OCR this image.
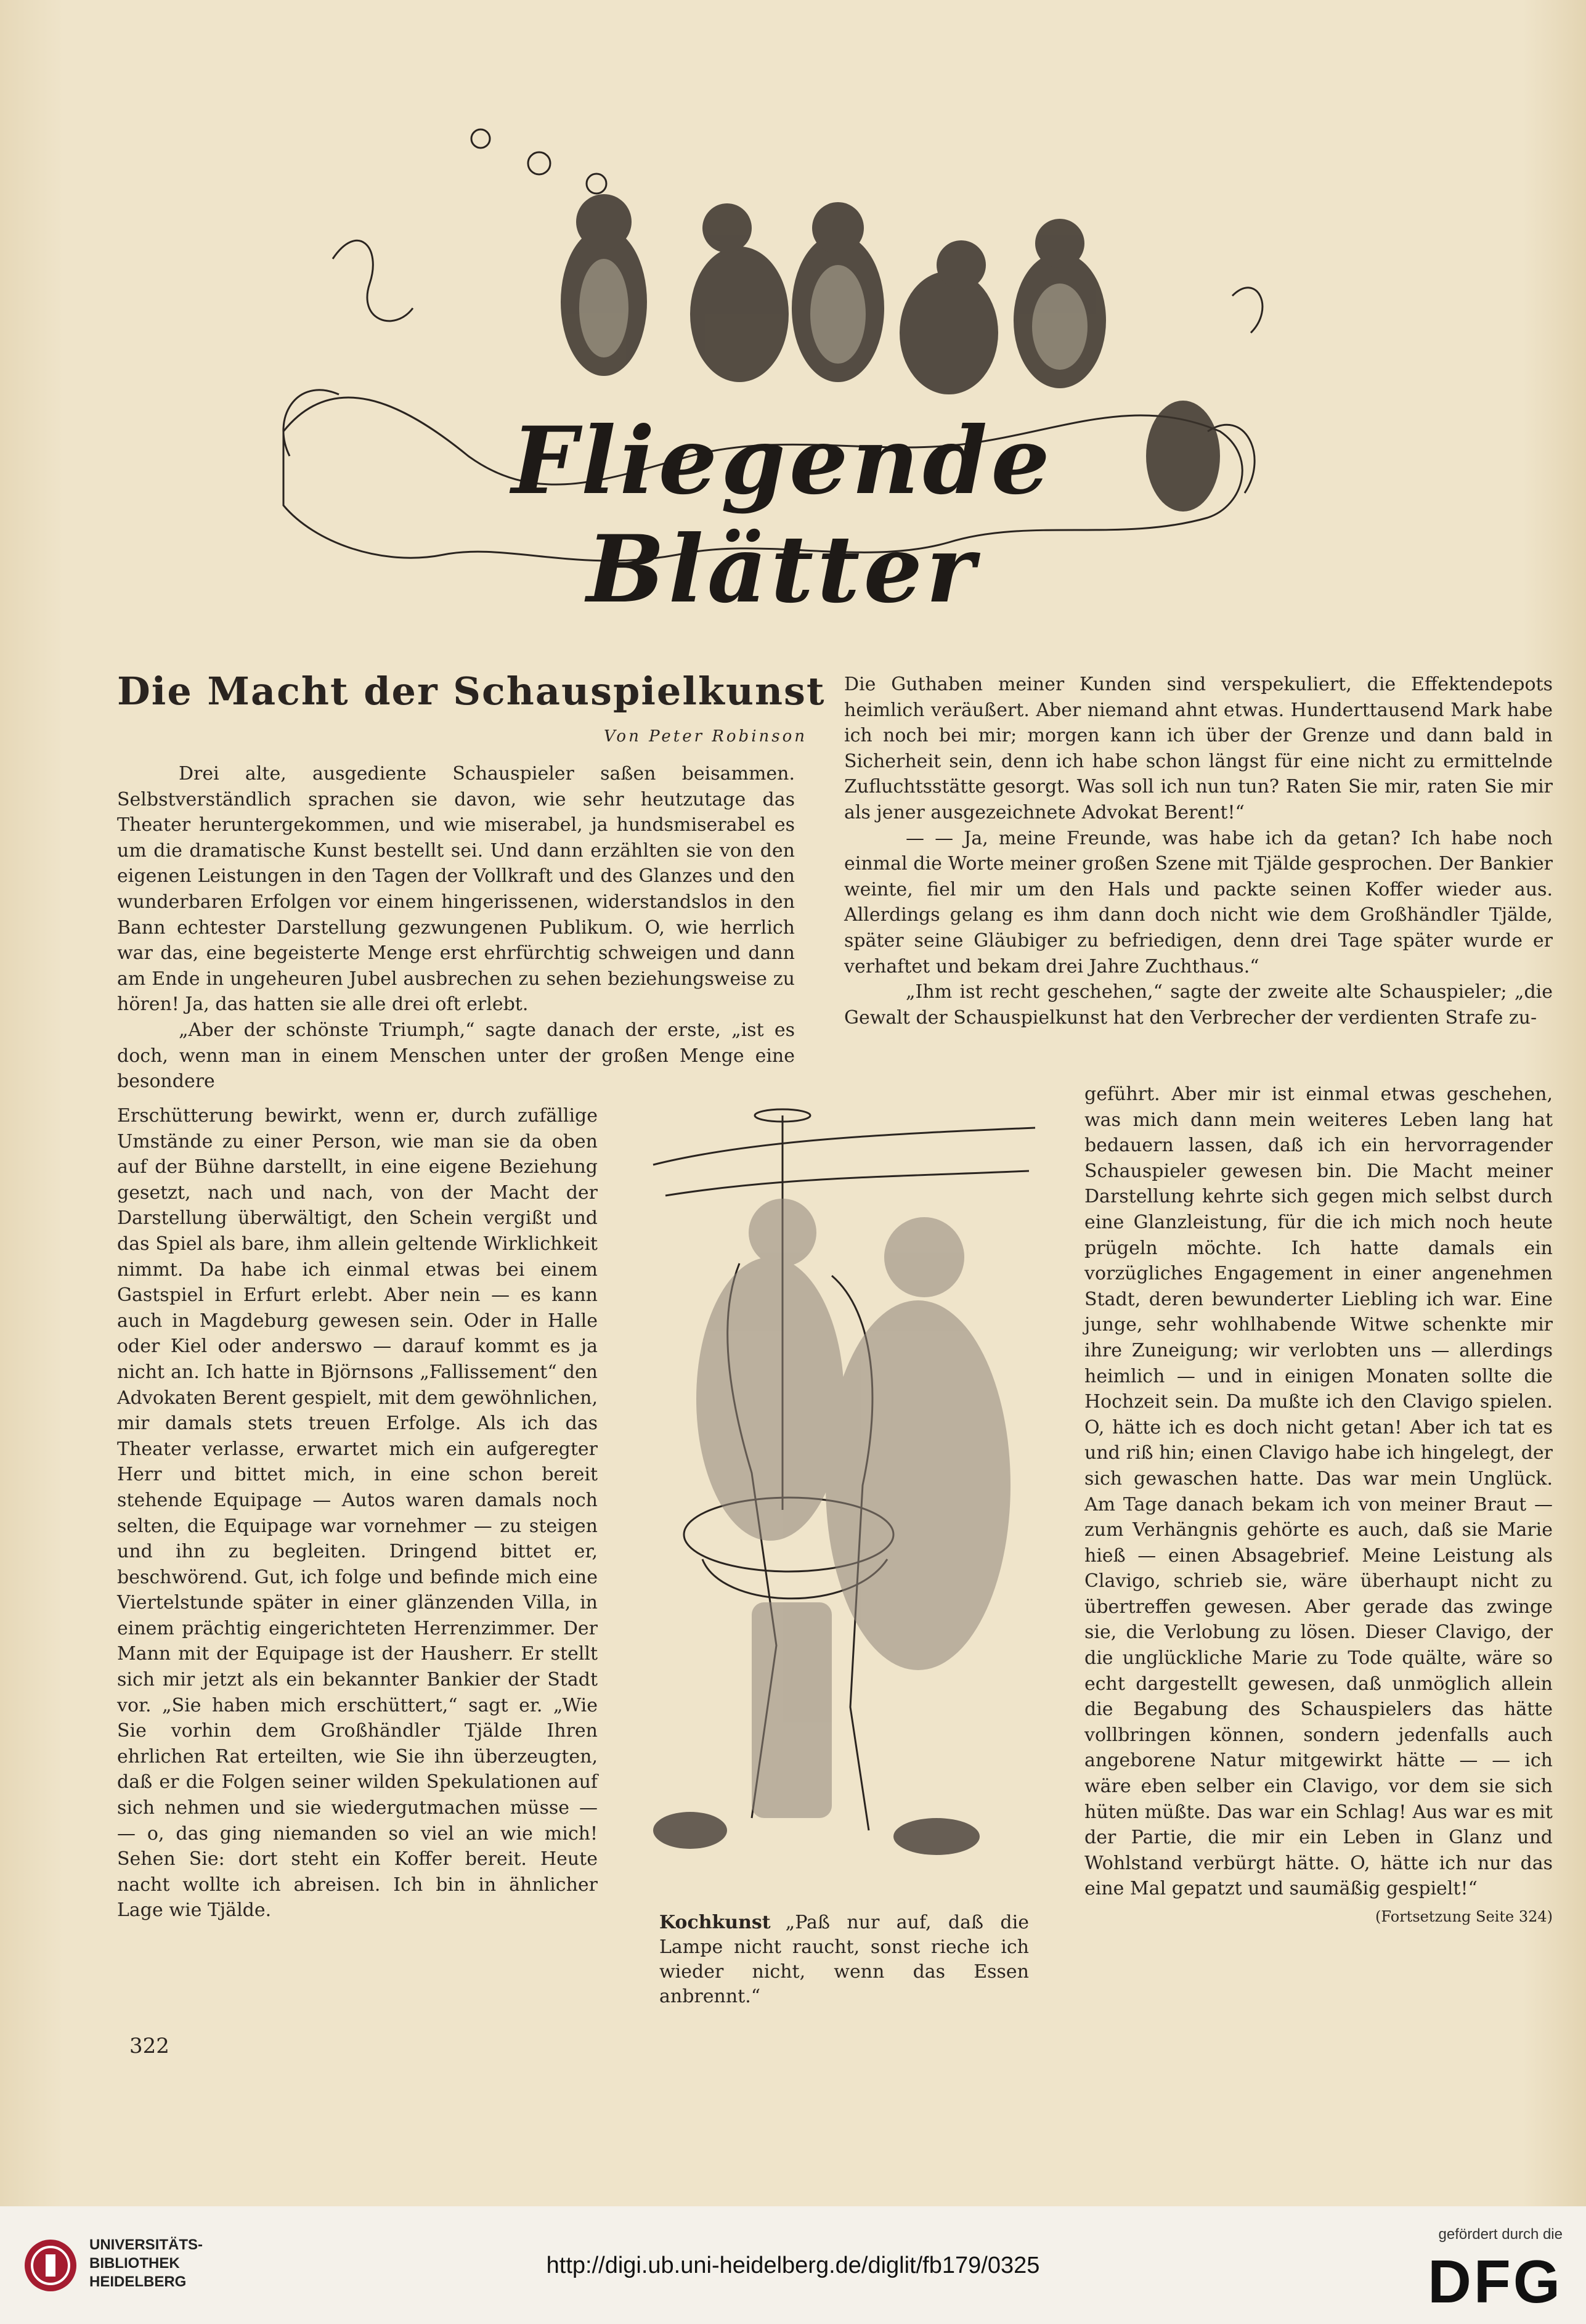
Fliegende Blätter
Die Macht der Schauspielkunst
Von Peter Robinson

Drei alte, ausgediente Schauspieler saßen beisammen. Selbstverständlich sprachen sie davon, wie sehr heutzutage das Theater heruntergekommen, und wie miserabel, ja hundsmiserabel es um die dramatische Kunst bestellt sei. Und dann erzählten sie von den eigenen Leistungen in den Tagen der Vollkraft und des Glanzes und den wunderbaren Erfolgen vor einem hingerissenen, widerstandslos in den Bann echtester Darstellung gezwungenen Publikum. O, wie herrlich war das, eine begeisterte Menge erst ehrfürchtig schweigen und dann am Ende in ungeheuren Jubel ausbrechen zu sehen beziehungsweise zu hören! Ja, das hatten sie alle drei oft erlebt.

„Aber der schönste Triumph,“ sagte danach der erste, „ist es doch, wenn man in einem Menschen unter der großen Menge eine besondere

Erschütterung bewirkt, wenn er, durch zufällige Umstände zu einer Person, wie man sie da oben auf der Bühne darstellt, in eine eigene Beziehung gesetzt, nach und nach, von der Macht der Darstellung überwältigt, den Schein vergißt und das Spiel als bare, ihm allein geltende Wirklichkeit nimmt. Da habe ich einmal etwas bei einem Gastspiel in Erfurt erlebt. Aber nein — es kann auch in Magdeburg gewesen sein. Oder in Halle oder Kiel oder anderswo — darauf kommt es ja nicht an. Ich hatte in Björnsons „Fallissement“ den Advokaten Berent gespielt, mit dem gewöhnlichen, mir damals stets treuen Erfolge. Als ich das Theater verlasse, erwartet mich ein aufgeregter Herr und bittet mich, in eine schon bereit stehende Equipage — Autos waren damals noch selten, die Equipage war vornehmer — zu steigen und ihn zu begleiten. Dringend bittet er, beschwörend. Gut, ich folge und befinde mich eine Viertelstunde später in einer glänzenden Villa, in einem prächtig eingerichteten Herrenzimmer. Der Mann mit der Equipage ist der Hausherr. Er stellt sich mir jetzt als ein bekannter Bankier der Stadt vor. „Sie haben mich erschüttert,“ sagt er. „Wie Sie vorhin dem Großhändler Tjälde Ihren ehrlichen Rat erteilten, wie Sie ihn überzeugten, daß er die Folgen seiner wilden Spekulationen auf sich nehmen und sie wiedergutmachen müsse — — o, das ging niemanden so viel an wie mich! Sehen Sie: dort steht ein Koffer bereit. Heute nacht wollte ich abreisen. Ich bin in ähnlicher Lage wie Tjälde.

Die Guthaben meiner Kunden sind verspekuliert, die Effektendepots heimlich veräußert. Aber niemand ahnt etwas. Hunderttausend Mark habe ich noch bei mir; morgen kann ich über der Grenze und dann bald in Sicherheit sein, denn ich habe schon längst für eine nicht zu ermittelnde Zufluchtsstätte gesorgt. Was soll ich nun tun? Raten Sie mir, raten Sie mir als jener ausgezeichnete Advokat Berent!“

— — Ja, meine Freunde, was habe ich da getan? Ich habe noch einmal die Worte meiner großen Szene mit Tjälde gesprochen. Der Bankier weinte, fiel mir um den Hals und packte seinen Koffer wieder aus. Allerdings gelang es ihm dann doch nicht wie dem Großhändler Tjälde, später seine Gläubiger zu befriedigen, denn drei Tage später wurde er verhaftet und bekam drei Jahre Zuchthaus.“

„Ihm ist recht geschehen,“ sagte der zweite alte Schauspieler; „die Gewalt der Schauspielkunst hat den Verbrecher der verdienten Strafe zu-

geführt. Aber mir ist einmal etwas geschehen, was mich dann mein weiteres Leben lang hat bedauern lassen, daß ich ein hervorragender Schauspieler gewesen bin. Die Macht meiner Darstellung kehrte sich gegen mich selbst durch eine Glanzleistung, für die ich mich noch heute prügeln möchte. Ich hatte damals ein vorzügliches Engagement in einer angenehmen Stadt, deren bewunderter Liebling ich war. Eine junge, sehr wohlhabende Witwe schenkte mir ihre Zuneigung; wir verlobten uns — allerdings heimlich — und in einigen Monaten sollte die Hochzeit sein. Da mußte ich den Clavigo spielen. O, hätte ich es doch nicht getan! Aber ich tat es und riß hin; einen Clavigo habe ich hingelegt, der sich gewaschen hatte. Das war mein Unglück. Am Tage danach bekam ich von meiner Braut — zum Verhängnis gehörte es auch, daß sie Marie hieß — einen Absagebrief. Meine Leistung als Clavigo, schrieb sie, wäre überhaupt nicht zu übertreffen gewesen. Aber gerade das zwinge sie, die Verlobung zu lösen. Dieser Clavigo, der die unglückliche Marie zu Tode quälte, wäre so echt dargestellt gewesen, daß unmöglich allein die Begabung des Schauspielers das hätte vollbringen können, sondern jedenfalls auch angeborene Natur mitgewirkt hätte — — ich wäre eben selber ein Clavigo, vor dem sie sich hüten müßte. Das war ein Schlag! Aus war es mit der Partie, die mir ein Leben in Glanz und Wohlstand verbürgt hätte. O, hätte ich nur das eine Mal gepatzt und saumäßig gespielt!“

(Fortsetzung Seite 324)
Kochkunst „Paß nur auf, daß die Lampe nicht raucht, sonst rieche ich wieder nicht, wenn das Essen anbrennt.“
322
UNIVERSITÄTS-
BIBLIOTHEK
HEIDELBERG
http://digi.ub.uni-heidelberg.de/diglit/fb179/0325
gefördert durch die
DFG
